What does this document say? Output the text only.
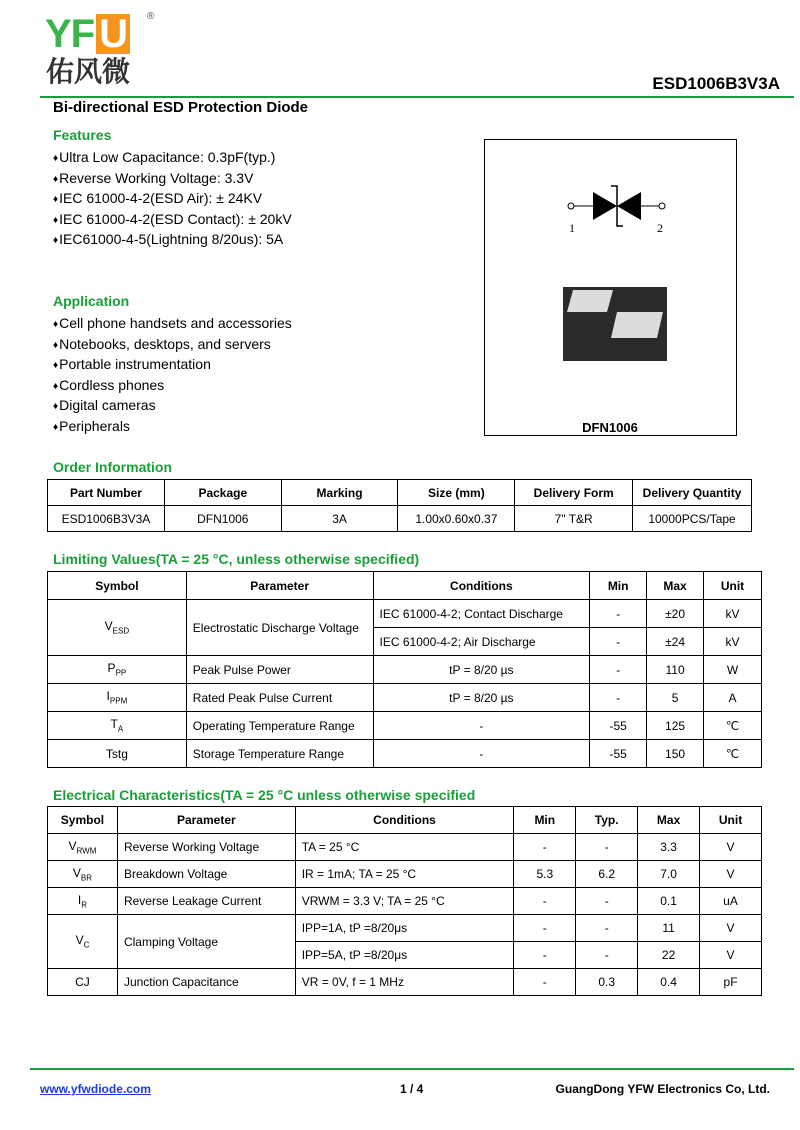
YF U	®
佑风微	ESD1006B3V3A
Bi-directional ESD Protection Diode
Features
♦ Ultra Low Capacitance: 0.3pF(typ.)
♦ Reverse Working Voltage: 3.3V
♦ IEC 61000-4-2(ESD Air): ± 24KV
♦ IEC 61000-4-2(ESD Contact): ± 20kV
♦ IEC61000-4-5(Lightning 8/20us): 5A
Application
♦ Cell phone handsets and accessories
♦ Notebooks, desktops, and servers
♦ Portable instrumentation
♦ Cordless phones
♦ Digital cameras
♦ Peripherals
1	2
DFN1006
Order Information
Part Number	Package	Marking	Size (mm)	Delivery Form	Delivery Quantity
ESD1006B3V3A	DFN1006	3A	1.00x0.60x0.37	7" T&R	10000PCS/Tape
Limiting Values(TA = 25 °C, unless otherwise specified)
Symbol	Parameter	Conditions	Min	Max	Unit
$V_{ESD}$	Electrostatic Discharge Voltage	IEC 61000-4-2; Contact Discharge	-	±20	kV
		IEC 61000-4-2; Air Discharge	-	±24	kV
$P_{PP}$	Peak Pulse Power	tP = 8/20 µs	-	110	W
$I_{PPM}$	Rated Peak Pulse Current	tP = 8/20 µs	-	5	A
$T_A$	Operating Temperature Range	-	-55	125	℃
Tstg	Storage Temperature Range	-	-55	150	℃
Electrical Characteristics(TA = 25 °C unless otherwise specified
Symbol	Parameter	Conditions	Min	Typ.	Max	Unit
$V_{RWM}$	Reverse Working Voltage	TA = 25 °C	-	-	3.3	V
$V_{BR}$	Breakdown Voltage	IR = 1mA; TA = 25 °C	5.3	6.2	7.0	V
$I_R$	Reverse Leakage Current	VRWM = 3.3 V; TA = 25 °C	-	-	0.1	uA
$V_C$	Clamping Voltage	IPP=1A, tP =8/20μs	-	-	11	V
		IPP=5A, tP =8/20μs	-	-	22	V
CJ	Junction Capacitance	VR = 0V, f = 1 MHz	-	0.3	0.4	pF
www.yfwdiode.com	1 / 4	GuangDong YFW Electronics Co, Ltd.
